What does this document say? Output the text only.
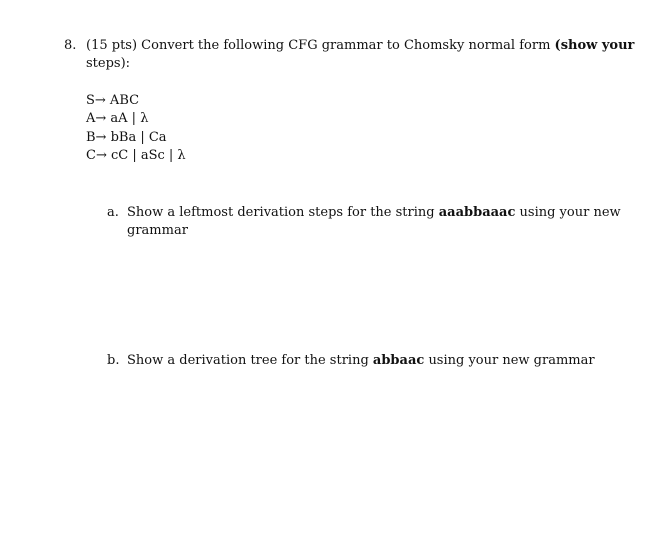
8. (15 pts) Convert the following CFG grammar to Chomsky normal form (show your
steps):
S→ ABC
A→ aA | λ
B→ bBa | Ca
C→ cC | aSc | λ
a. Show a leftmost derivation steps for the string aaabbaaac using your new
grammar
b. Show a derivation tree for the string abbaac using your new grammar
